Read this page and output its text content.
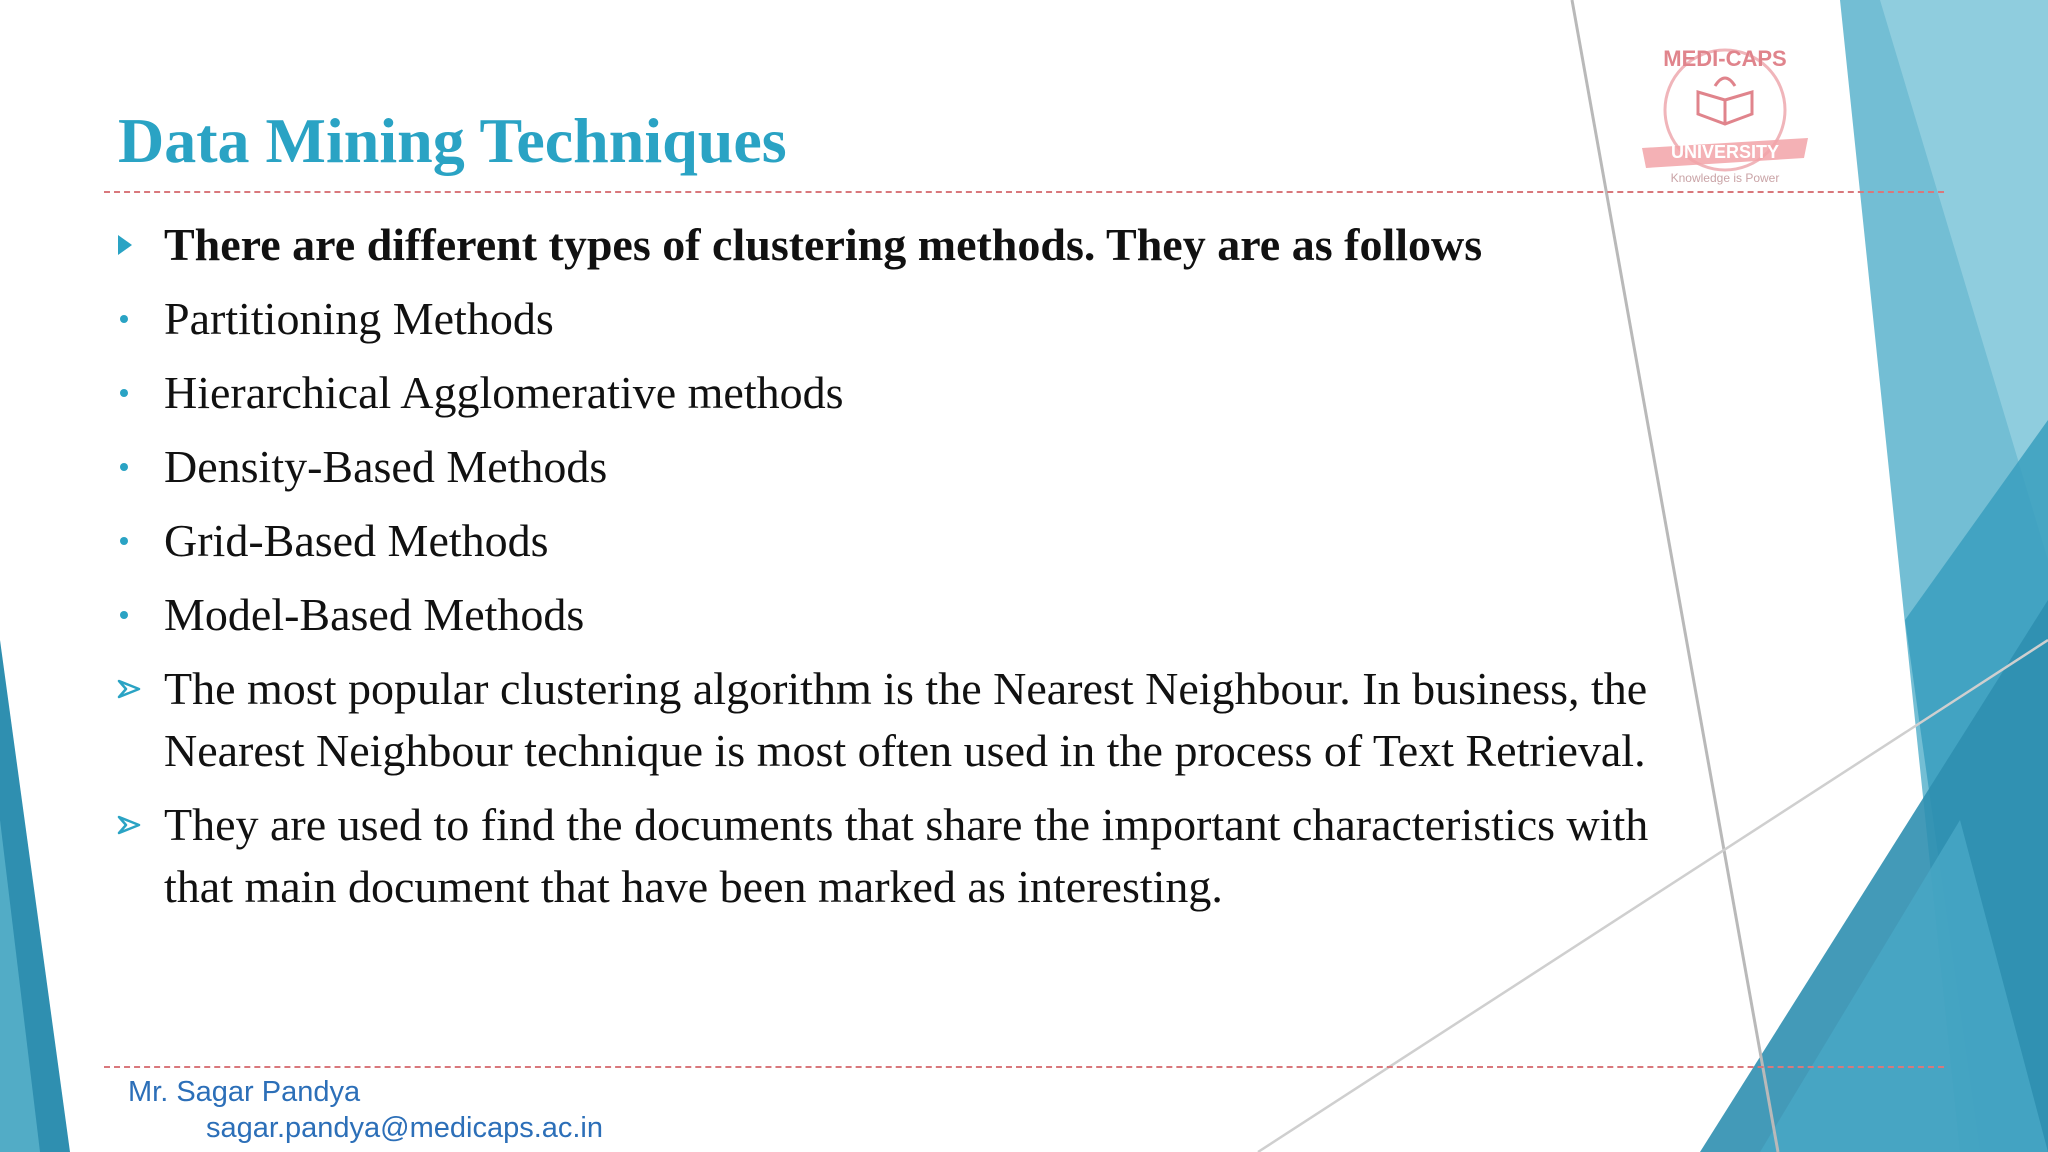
MEDI-CAPS
UNIVERSITY
Knowledge is Power
Data Mining Techniques
There are different types of clustering methods. They are as follows
Partitioning Methods
Hierarchical Agglomerative methods
Density-Based Methods
Grid-Based Methods
Model-Based Methods
The most popular clustering algorithm is the Nearest Neighbour. In business, the Nearest Neighbour technique is most often used in the process of Text Retrieval.
They are used to find the documents that share the important characteristics with that main document that have been marked as interesting.
Mr. Sagar Pandya
sagar.pandya@medicaps.ac.in
